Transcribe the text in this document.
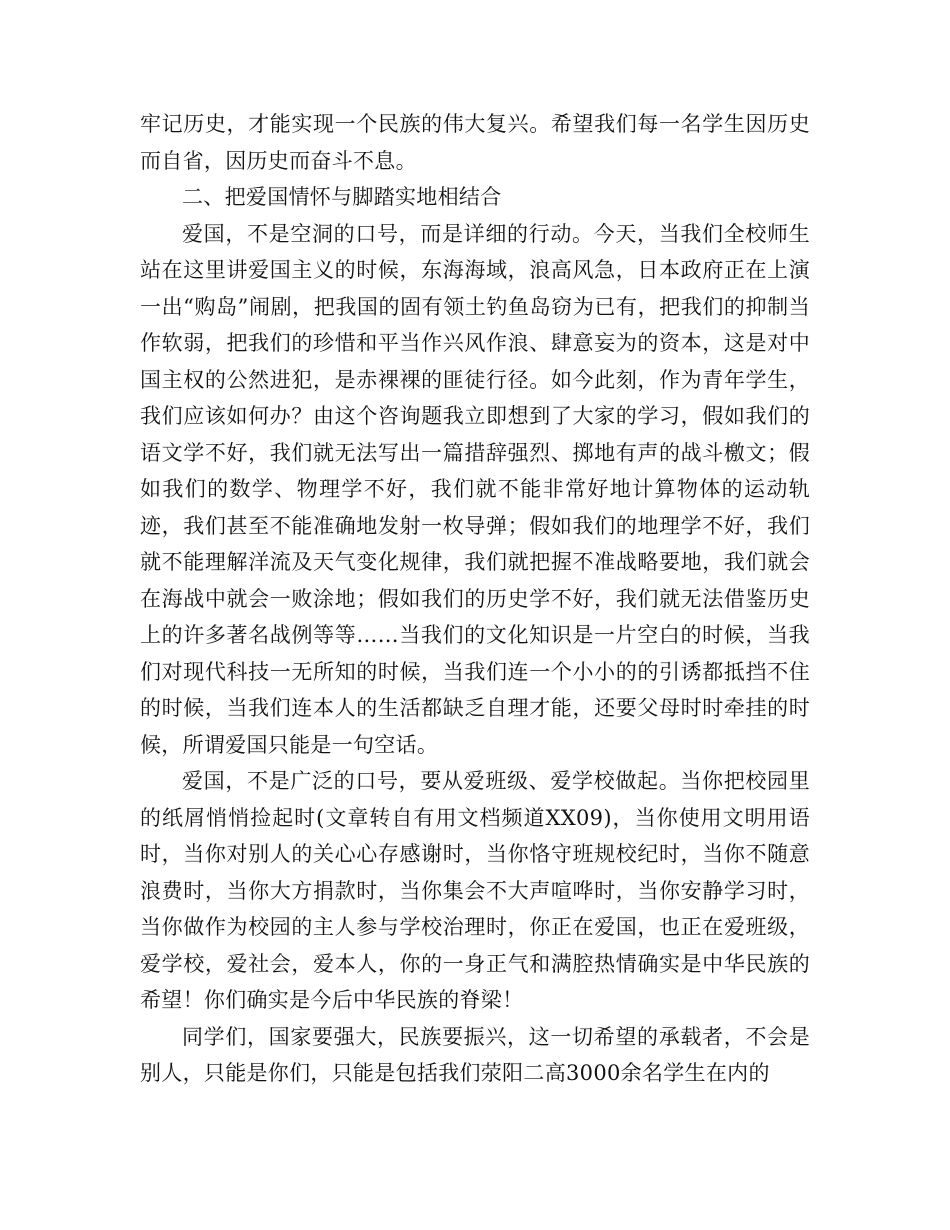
牢记历史，才能实现一个民族的伟大复兴。希望我们每一名学生因历史而自省，因历史而奋斗不息。

二、把爱国情怀与脚踏实地相结合

爱国，不是空洞的口号，而是详细的行动。今天，当我们全校师生站在这里讲爱国主义的时候，东海海域，浪高风急，日本政府正在上演一出“购岛”闹剧，把我国的固有领土钓鱼岛窃为已有，把我们的抑制当作软弱，把我们的珍惜和平当作兴风作浪、肆意妄为的资本，这是对中国主权的公然进犯，是赤裸裸的匪徒行径。如今此刻，作为青年学生，我们应该如何办？由这个咨询题我立即想到了大家的学习，假如我们的语文学不好，我们就无法写出一篇措辞强烈、掷地有声的战斗檄文；假如我们的数学、物理学不好，我们就不能非常好地计算物体的运动轨迹，我们甚至不能准确地发射一枚导弹；假如我们的地理学不好，我们就不能理解洋流及天气变化规律，我们就把握不准战略要地，我们就会在海战中就会一败涂地；假如我们的历史学不好，我们就无法借鉴历史上的许多著名战例等等……当我们的文化知识是一片空白的时候，当我们对现代科技一无所知的时候，当我们连一个小小的的引诱都抵挡不住的时候，当我们连本人的生活都缺乏自理才能，还要父母时时牵挂的时候，所谓爱国只能是一句空话。

爱国，不是广泛的口号，要从爱班级、爱学校做起。当你把校园里的纸屑悄悄捡起时(文章转自有用文档频道XX09)，当你使用文明用语时，当你对别人的关心心存感谢时，当你恪守班规校纪时，当你不随意浪费时，当你大方捐款时，当你集会不大声喧哗时，当你安静学习时，当你做作为校园的主人参与学校治理时，你正在爱国，也正在爱班级，爱学校，爱社会，爱本人，你的一身正气和满腔热情确实是中华民族的希望！你们确实是今后中华民族的脊梁！

同学们，国家要强大，民族要振兴，这一切希望的承载者，不会是别人，只能是你们，只能是包括我们荥阳二高3000余名学生在内的
